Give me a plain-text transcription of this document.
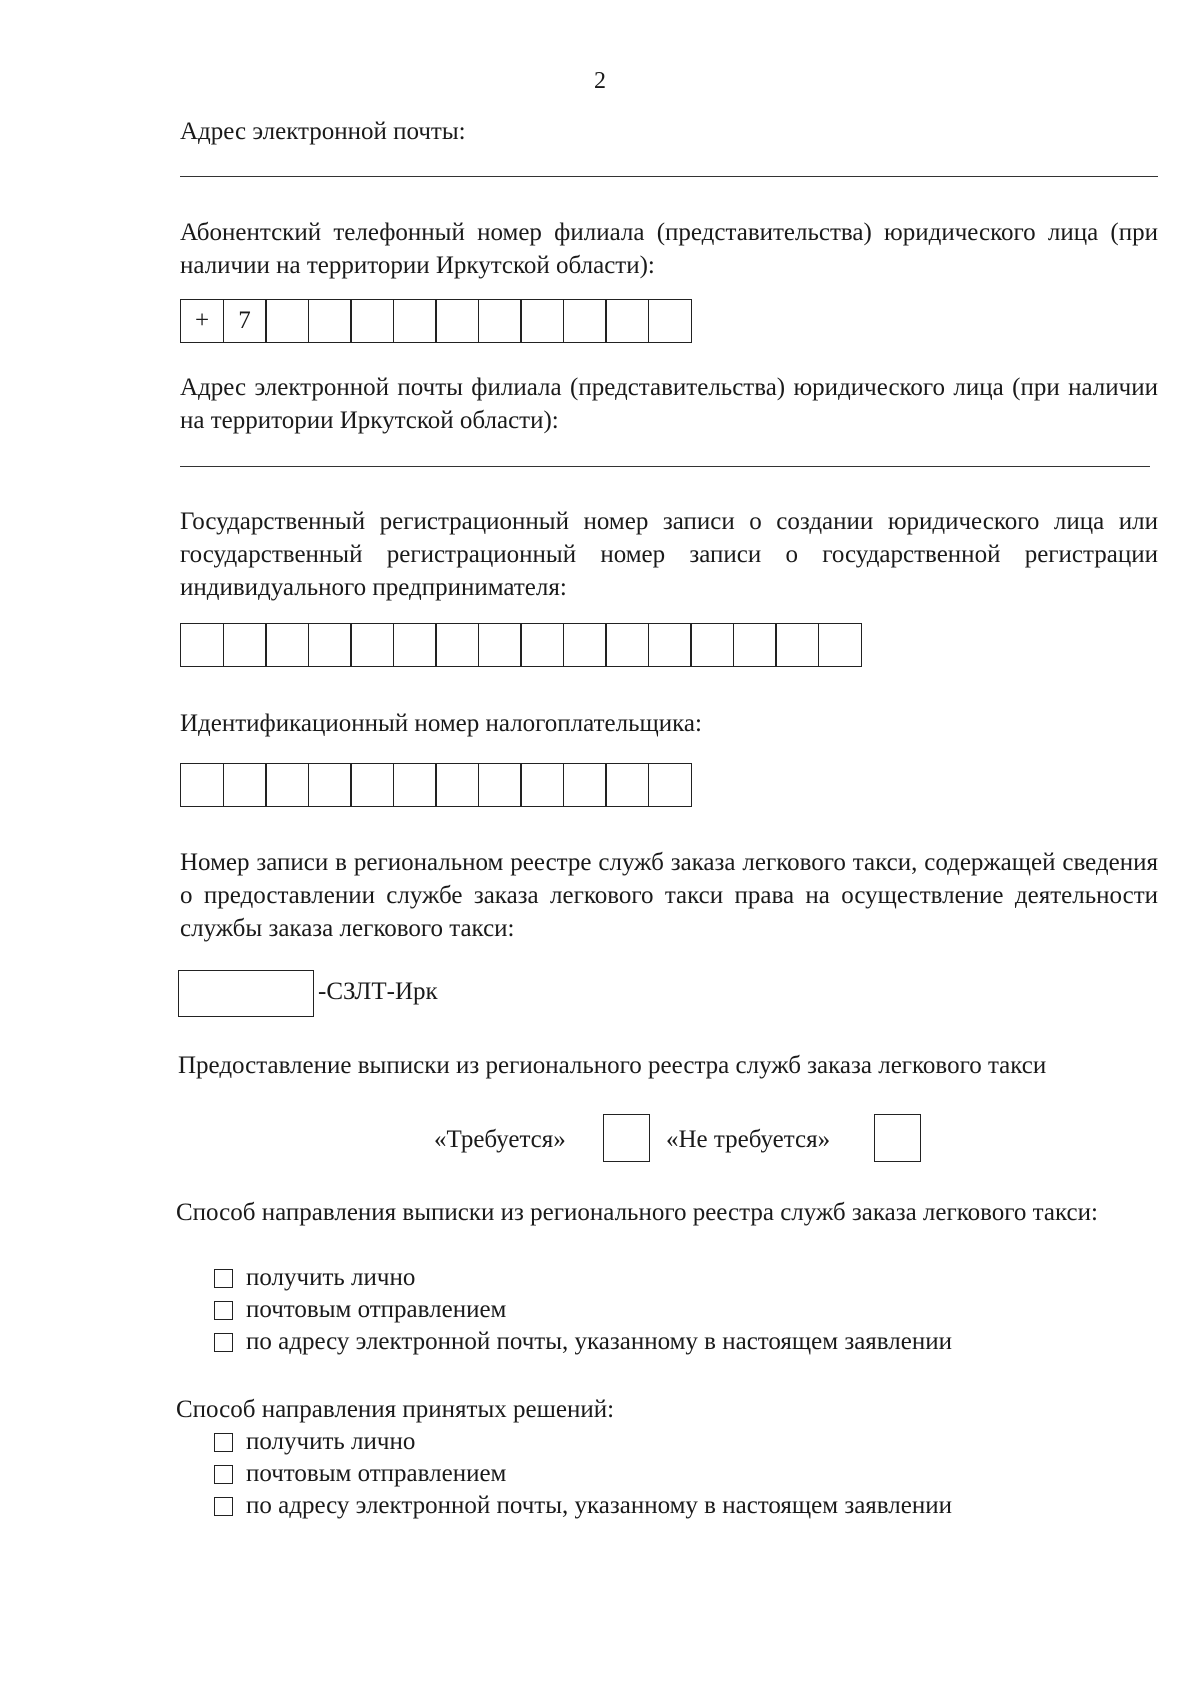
2
Адрес электронной почты:
Абонентский телефонный номер филиала (представительства) юридического лица (при наличии на территории Иркутской области):
+	7
Адрес электронной почты филиала (представительства) юридического лица (при наличии на территории Иркутской области):
Государственный регистрационный номер записи о создании юридического лица или государственный регистрационный номер записи о государственной регистрации индивидуального предпринимателя:
Идентификационный номер налогоплательщика:
Номер записи в региональном реестре служб заказа легкового такси, содержащей сведения о предоставлении службе заказа легкового такси права на осуществление деятельности службы заказа легкового такси:
-СЗЛТ-Ирк
Предоставление выписки из регионального реестра служб заказа легкового такси
«Требуется»	«Не требуется»
Способ направления выписки из регионального реестра служб заказа легкового такси:
получить лично
почтовым отправлением
по адресу электронной почты, указанному в настоящем заявлении
Способ направления принятых решений:
получить лично
почтовым отправлением
по адресу электронной почты, указанному в настоящем заявлении
